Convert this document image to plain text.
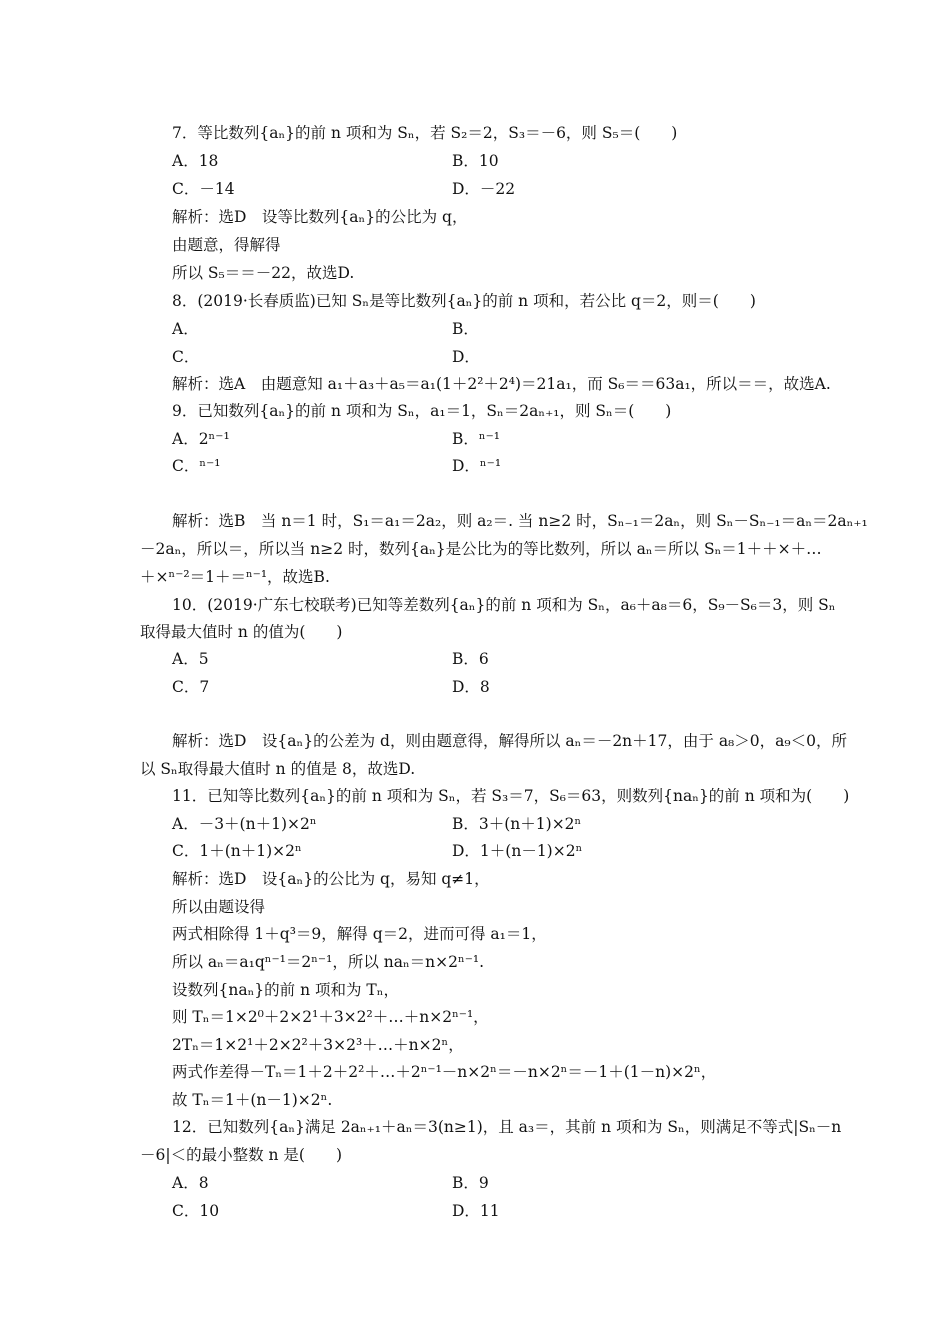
7．等比数列{aₙ}的前 n 项和为 Sₙ，若 S₂＝2，S₃＝－6，则 S₅＝(　　)
A．18	B．10
C．－14	D．－22
解析：选D　设等比数列{aₙ}的公比为 q，
由题意，得解得
所以 S₅＝＝－22，故选D.
8．(2019·长春质监)已知 Sₙ是等比数列{aₙ}的前 n 项和，若公比 q＝2，则＝(　　)
A．	B．
C．	D．
解析：选A　由题意知 a₁＋a₃＋a₅＝a₁(1＋2²＋2⁴)＝21a₁，而 S₆＝＝63a₁，所以＝＝，故选A.
9．已知数列{aₙ}的前 n 项和为 Sₙ，a₁＝1，Sₙ＝2aₙ₊₁，则 Sₙ＝(　　)
A．2ⁿ⁻¹	B．ⁿ⁻¹
C．ⁿ⁻¹	D．ⁿ⁻¹
解析：选B　当 n＝1 时，S₁＝a₁＝2a₂，则 a₂＝. 当 n≥2 时，Sₙ₋₁＝2aₙ，则 Sₙ－Sₙ₋₁＝aₙ＝2aₙ₊₁
－2aₙ，所以＝，所以当 n≥2 时，数列{aₙ}是公比为的等比数列，所以 aₙ＝所以 Sₙ＝1＋＋×＋…
＋×ⁿ⁻²＝1＋＝ⁿ⁻¹，故选B.
10．(2019·广东七校联考)已知等差数列{aₙ}的前 n 项和为 Sₙ，a₆＋a₈＝6，S₉－S₆＝3，则 Sₙ
取得最大值时 n 的值为(　　)
A．5	B．6
C．7	D．8
解析：选D　设{aₙ}的公差为 d，则由题意得，解得所以 aₙ＝－2n＋17，由于 a₈＞0，a₉＜0，所
以 Sₙ取得最大值时 n 的值是 8，故选D.
11．已知等比数列{aₙ}的前 n 项和为 Sₙ，若 S₃＝7，S₆＝63，则数列{naₙ}的前 n 项和为(　　)
A．－3＋(n＋1)×2ⁿ	B．3＋(n＋1)×2ⁿ
C．1＋(n＋1)×2ⁿ	D．1＋(n－1)×2ⁿ
解析：选D　设{aₙ}的公比为 q，易知 q≠1，
所以由题设得
两式相除得 1＋q³＝9，解得 q＝2，进而可得 a₁＝1，
所以 aₙ＝a₁qⁿ⁻¹＝2ⁿ⁻¹，所以 naₙ＝n×2ⁿ⁻¹.
设数列{naₙ}的前 n 项和为 Tₙ，
则 Tₙ＝1×2⁰＋2×2¹＋3×2²＋…＋n×2ⁿ⁻¹，
2Tₙ＝1×2¹＋2×2²＋3×2³＋…＋n×2ⁿ，
两式作差得－Tₙ＝1＋2＋2²＋…＋2ⁿ⁻¹－n×2ⁿ＝－n×2ⁿ＝－1＋(1－n)×2ⁿ，
故 Tₙ＝1＋(n－1)×2ⁿ.
12．已知数列{aₙ}满足 2aₙ₊₁＋aₙ＝3(n≥1)，且 a₃＝，其前 n 项和为 Sₙ，则满足不等式|Sₙ－n
－6|＜的最小整数 n 是(　　)
A．8	B．9
C．10	D．11
